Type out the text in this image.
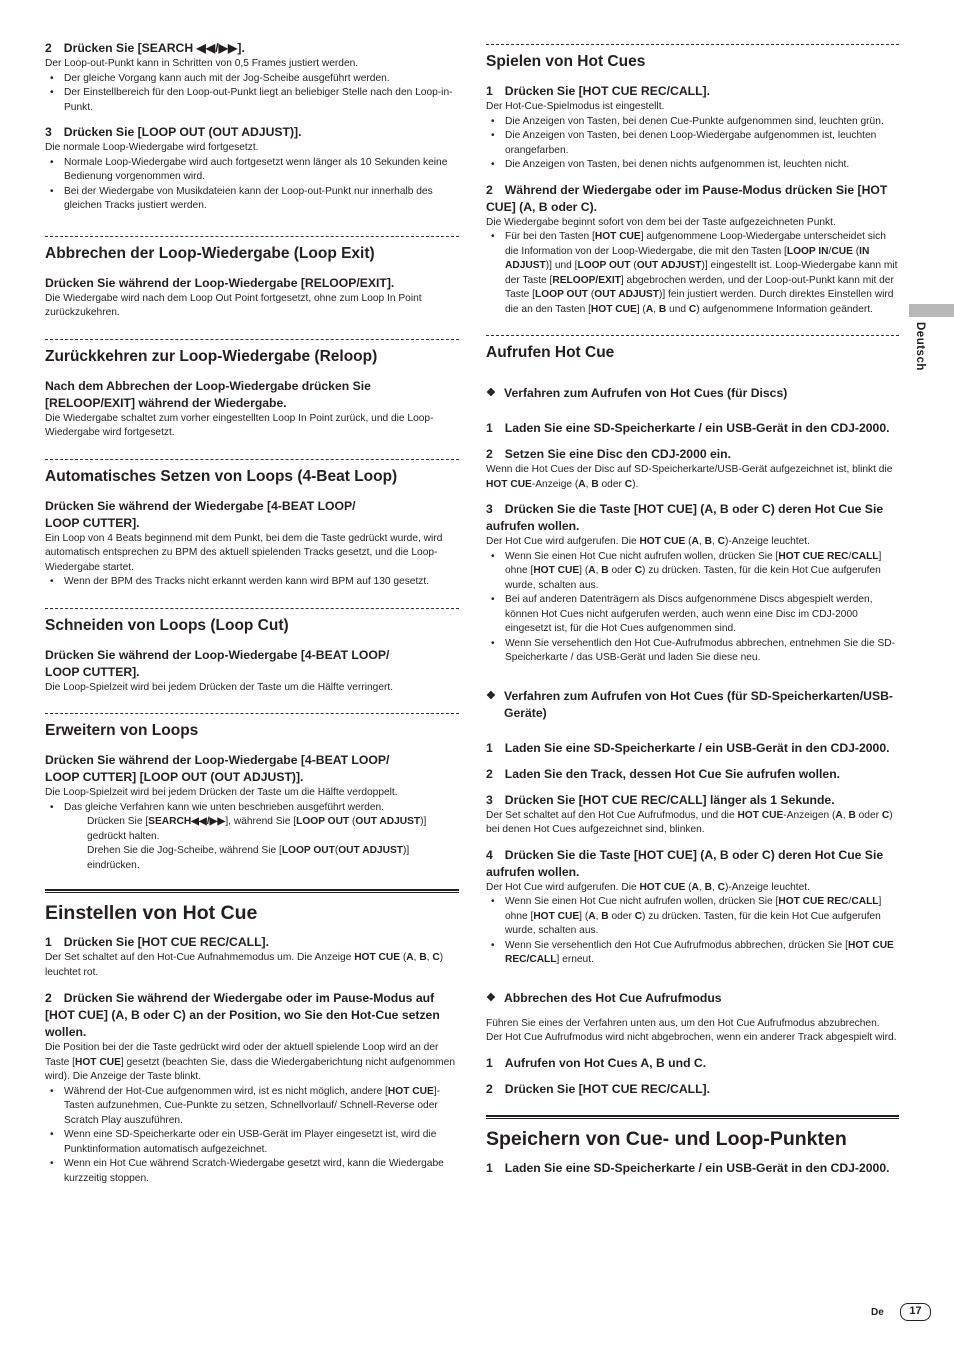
2 Drücken Sie [SEARCH ◀◀/▶▶].

Der Loop-out-Punkt kann in Schritten von 0,5 Frames justiert werden.

• Der gleiche Vorgang kann auch mit der Jog-Scheibe ausgeführt werden.
• Der Einstellbereich für den Loop-out-Punkt liegt an beliebiger Stelle nach den Loop-in-Punkt.
3 Drücken Sie [LOOP OUT (OUT ADJUST)].

Die normale Loop-Wiedergabe wird fortgesetzt.

• Normale Loop-Wiedergabe wird auch fortgesetzt wenn länger als 10 Sekunden keine Bedienung vorgenommen wird.
• Bei der Wiedergabe von Musikdateien kann der Loop-out-Punkt nur innerhalb des gleichen Tracks justiert werden.
Abbrechen der Loop-Wiedergabe (Loop Exit)
Drücken Sie während der Loop-Wiedergabe [RELOOP/EXIT].

Die Wiedergabe wird nach dem Loop Out Point fortgesetzt, ohne zum Loop In Point zurückzukehren.

Zurückkehren zur Loop-Wiedergabe (Reloop)
Nach dem Abbrechen der Loop-Wiedergabe drücken Sie [RELOOP/EXIT] während der Wiedergabe.

Die Wiedergabe schaltet zum vorher eingestellten Loop In Point zurück, und die Loop-Wiedergabe wird fortgesetzt.

Automatisches Setzen von Loops (4-Beat Loop)
Drücken Sie während der Wiedergabe [4-BEAT LOOP/
LOOP CUTTER].

Ein Loop von 4 Beats beginnend mit dem Punkt, bei dem die Taste gedrückt wurde, wird automatisch entsprechen zu BPM des aktuell spielenden Tracks gesetzt, und die Loop-Wiedergabe startet.

• Wenn der BPM des Tracks nicht erkannt werden kann wird BPM auf 130 gesetzt.
Schneiden von Loops (Loop Cut)
Drücken Sie während der Loop-Wiedergabe [4-BEAT LOOP/
LOOP CUTTER].

Die Loop-Spielzeit wird bei jedem Drücken der Taste um die Hälfte verringert.

Erweitern von Loops
Drücken Sie während der Loop-Wiedergabe [4-BEAT LOOP/
LOOP CUTTER] [LOOP OUT (OUT ADJUST)].

Die Loop-Spielzeit wird bei jedem Drücken der Taste um die Hälfte verdoppelt.

• Das gleiche Verfahren kann wie unten beschrieben ausgeführt werden.
Drücken Sie [SEARCH◀◀/▶▶], während Sie [LOOP OUT (OUT ADJUST)] gedrückt halten.
Drehen Sie die Jog-Scheibe, während Sie [LOOP OUT(OUT ADJUST)] eindrücken.
Einstellen von Hot Cue
1 Drücken Sie [HOT CUE REC/CALL].

Der Set schaltet auf den Hot-Cue Aufnahmemodus um. Die Anzeige HOT CUE (A, B, C) leuchtet rot.

2 Drücken Sie während der Wiedergabe oder im Pause-Modus auf [HOT CUE] (A, B oder C) an der Position, wo Sie den Hot-Cue setzen wollen.

Die Position bei der die Taste gedrückt wird oder der aktuell spielende Loop wird an der Taste [HOT CUE] gesetzt (beachten Sie, dass die Wiedergaberichtung nicht aufgenommen wird). Die Anzeige der Taste blinkt.

• Während der Hot-Cue aufgenommen wird, ist es nicht möglich, andere [HOT CUE]-Tasten aufzunehmen, Cue-Punkte zu setzen, Schnellvorlauf/ Schnell-Reverse oder Scratch Play auszuführen.
• Wenn eine SD-Speicherkarte oder ein USB-Gerät im Player eingesetzt ist, wird die Punktinformation automatisch aufgezeichnet.
• Wenn ein Hot Cue während Scratch-Wiedergabe gesetzt wird, kann die Wiedergabe kurzzeitig stoppen.
Spielen von Hot Cues
1 Drücken Sie [HOT CUE REC/CALL].

Der Hot-Cue-Spielmodus ist eingestellt.

• Die Anzeigen von Tasten, bei denen Cue-Punkte aufgenommen sind, leuchten grün.
• Die Anzeigen von Tasten, bei denen Loop-Wiedergabe aufgenommen ist, leuchten orangefarben.
• Die Anzeigen von Tasten, bei denen nichts aufgenommen ist, leuchten nicht.
2 Während der Wiedergabe oder im Pause-Modus drücken Sie [HOT CUE] (A, B oder C).

Die Wiedergabe beginnt sofort von dem bei der Taste aufgezeichneten Punkt.

• Für bei den Tasten [HOT CUE] aufgenommene Loop-Wiedergabe unterscheidet sich die Information von der Loop-Wiedergabe, die mit den Tasten [LOOP IN/CUE (IN ADJUST)] und [LOOP OUT (OUT ADJUST)] eingestellt ist. Loop-Wiedergabe kann mit der Taste [RELOOP/EXIT] abgebrochen werden, und der Loop-out-Punkt kann mit der Taste [LOOP OUT (OUT ADJUST)] fein justiert werden. Durch direktes Einstellen wird die an den Tasten [HOT CUE] (A, B und C) aufgenommene Information geändert.
Aufrufen Hot Cue
❖ Verfahren zum Aufrufen von Hot Cues (für Discs)
1 Laden Sie eine SD-Speicherkarte / ein USB-Gerät in den CDJ-2000.
2 Setzen Sie eine Disc den CDJ-2000 ein.

Wenn die Hot Cues der Disc auf SD-Speicherkarte/USB-Gerät aufgezeichnet ist, blinkt die HOT CUE-Anzeige (A, B oder C).

3 Drücken Sie die Taste [HOT CUE] (A, B oder C) deren Hot Cue Sie aufrufen wollen.

Der Hot Cue wird aufgerufen. Die HOT CUE (A, B, C)-Anzeige leuchtet.

• Wenn Sie einen Hot Cue nicht aufrufen wollen, drücken Sie [HOT CUE REC/CALL] ohne [HOT CUE] (A, B oder C) zu drücken. Tasten, für die kein Hot Cue aufgerufen wurde, schalten aus.
• Bei auf anderen Datenträgern als Discs aufgenommene Discs abgespielt werden, können Hot Cues nicht aufgerufen werden, auch wenn eine Disc im CDJ-2000 eingesetzt ist, für die Hot Cues aufgenommen sind.
• Wenn Sie versehentlich den Hot Cue-Aufrufmodus abbrechen, entnehmen Sie die SD-Speicherkarte / das USB-Gerät und laden Sie diese neu.
❖ Verfahren zum Aufrufen von Hot Cues (für SD-Speicherkarten/USB-Geräte)
1 Laden Sie eine SD-Speicherkarte / ein USB-Gerät in den CDJ-2000.
2 Laden Sie den Track, dessen Hot Cue Sie aufrufen wollen.
3 Drücken Sie [HOT CUE REC/CALL] länger als 1 Sekunde.

Der Set schaltet auf den Hot Cue Aufrufmodus, und die HOT CUE-Anzeigen (A, B oder C) bei denen Hot Cues aufgezeichnet sind, blinken.

4 Drücken Sie die Taste [HOT CUE] (A, B oder C) deren Hot Cue Sie aufrufen wollen.

Der Hot Cue wird aufgerufen. Die HOT CUE (A, B, C)-Anzeige leuchtet.

• Wenn Sie einen Hot Cue nicht aufrufen wollen, drücken Sie [HOT CUE REC/CALL] ohne [HOT CUE] (A, B oder C) zu drücken. Tasten, für die kein Hot Cue aufgerufen wurde, schalten aus.
• Wenn Sie versehentlich den Hot Cue Aufrufmodus abbrechen, drücken Sie [HOT CUE REC/CALL] erneut.
❖ Abbrechen des Hot Cue Aufrufmodus

Führen Sie eines der Verfahren unten aus, um den Hot Cue Aufrufmodus abzubrechen.

Der Hot Cue Aufrufmodus wird nicht abgebrochen, wenn ein anderer Track abgespielt wird.

1 Aufrufen von Hot Cues A, B und C.
2 Drücken Sie [HOT CUE REC/CALL].
Speichern von Cue- und Loop-Punkten
1 Laden Sie eine SD-Speicherkarte / ein USB-Gerät in den CDJ-2000.
Deutsch
De	17
